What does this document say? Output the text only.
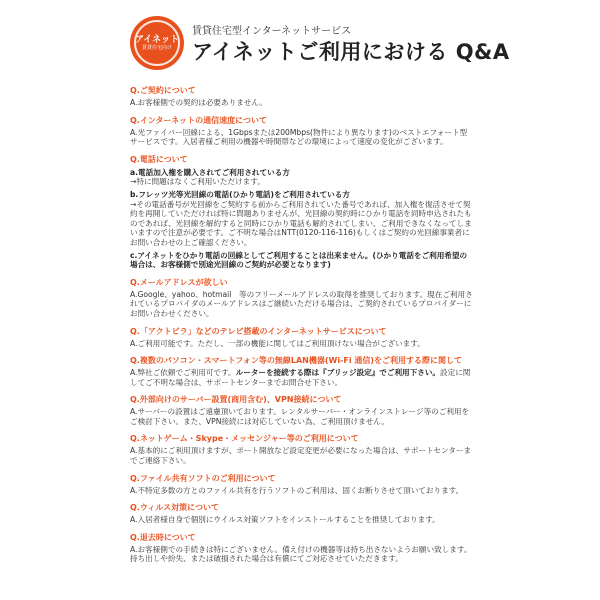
アイネット
賃貸住宅向け
賃貸住宅型インターネットサービス
アイネットご利用における Q&A
Q.ご契約について
A.お客様側での契約は必要ありません。
Q.インターネットの通信速度について
A.光ファイバー回線による、1Gbpsまたは200Mbps(物件により異なります)のベストエフォート型サービスです。入居者様ご利用の機器や時間帯などの環境によって速度の変化がございます。
Q.電話について
a.電話加入権を購入されてご利用されている方
→特に問題はなくご利用いただけます。
b.フレッツ光等光回線の電話(ひかり電話)をご利用されている方
→その電話番号が光回線をご契約する前からご利用されていた番号であれば、加入権を復活させて契約を再開していただければ特に問題ありませんが、光回線の契約時にひかり電話を同時申込されたものであれば、光回線を解約すると同時にひかり電話も解約されてしまい、ご利用できなくなってしまいますので注意が必要です。ご不明な場合はNTT(0120-116-116)もしくはご契約の光回線事業者にお問い合わせの上ご確認ください。
c.アイネットをひかり電話の回線としてご利用することは出来ません。(ひかり電話をご利用希望の場合は、お客様側で別途光回線のご契約が必要となります)
Q.メールアドレスが欲しい
A.Google、yahoo、hotmail　等のフリーメールアドレスの取得を推奨しております。現在ご利用されているプロバイダのメールアドレスはご継続いただける場合は、ご契約されているプロバイダーにお問い合わせください。
Q.「アクトビラ」などのテレビ搭載のインターネットサービスについて
A.ご利用可能です。ただし、一部の機能に関してはご利用頂けない場合がございます。
Q.複数のパソコン・スマートフォン等の無線LAN機器(Wi-Fi 通信)をご利用する際に関して
A.弊社ご依頼でご利用可です。ルーターを接続する際は『ブリッジ設定』でご利用下さい。設定に関してご不明な場合は、サポートセンターまでお問合せ下さい。
Q.外部向けのサーバー設置(商用含む)、VPN接続について
A.サーバーの設置はご遠慮頂いております。レンタルサーバー・オンラインストレージ等のご利用をご検討下さい。また、VPN接続には対応していない為、ご利用頂けません。
Q.ネットゲーム・Skype・メッセンジャー等のご利用について
A.基本的にご利用頂けますが、ポート開放など設定変更が必要になった場合は、サポートセンターまでご連絡下さい。
Q.ファイル共有ソフトのご利用について
A.不特定多数の方とのファイル共有を行うソフトのご利用は、固くお断りさせて頂いております。
Q.ウィルス対策について
A.入居者様自身で個別にウイルス対策ソフトをインストールすることを推奨しております。
Q.退去時について
A.お客様側での手続きは特にございません。備え付けの機器等は持ち出さないようお願い致します。持ち出しや紛失、または破損された場合は有償にてご対応させていただきます。
